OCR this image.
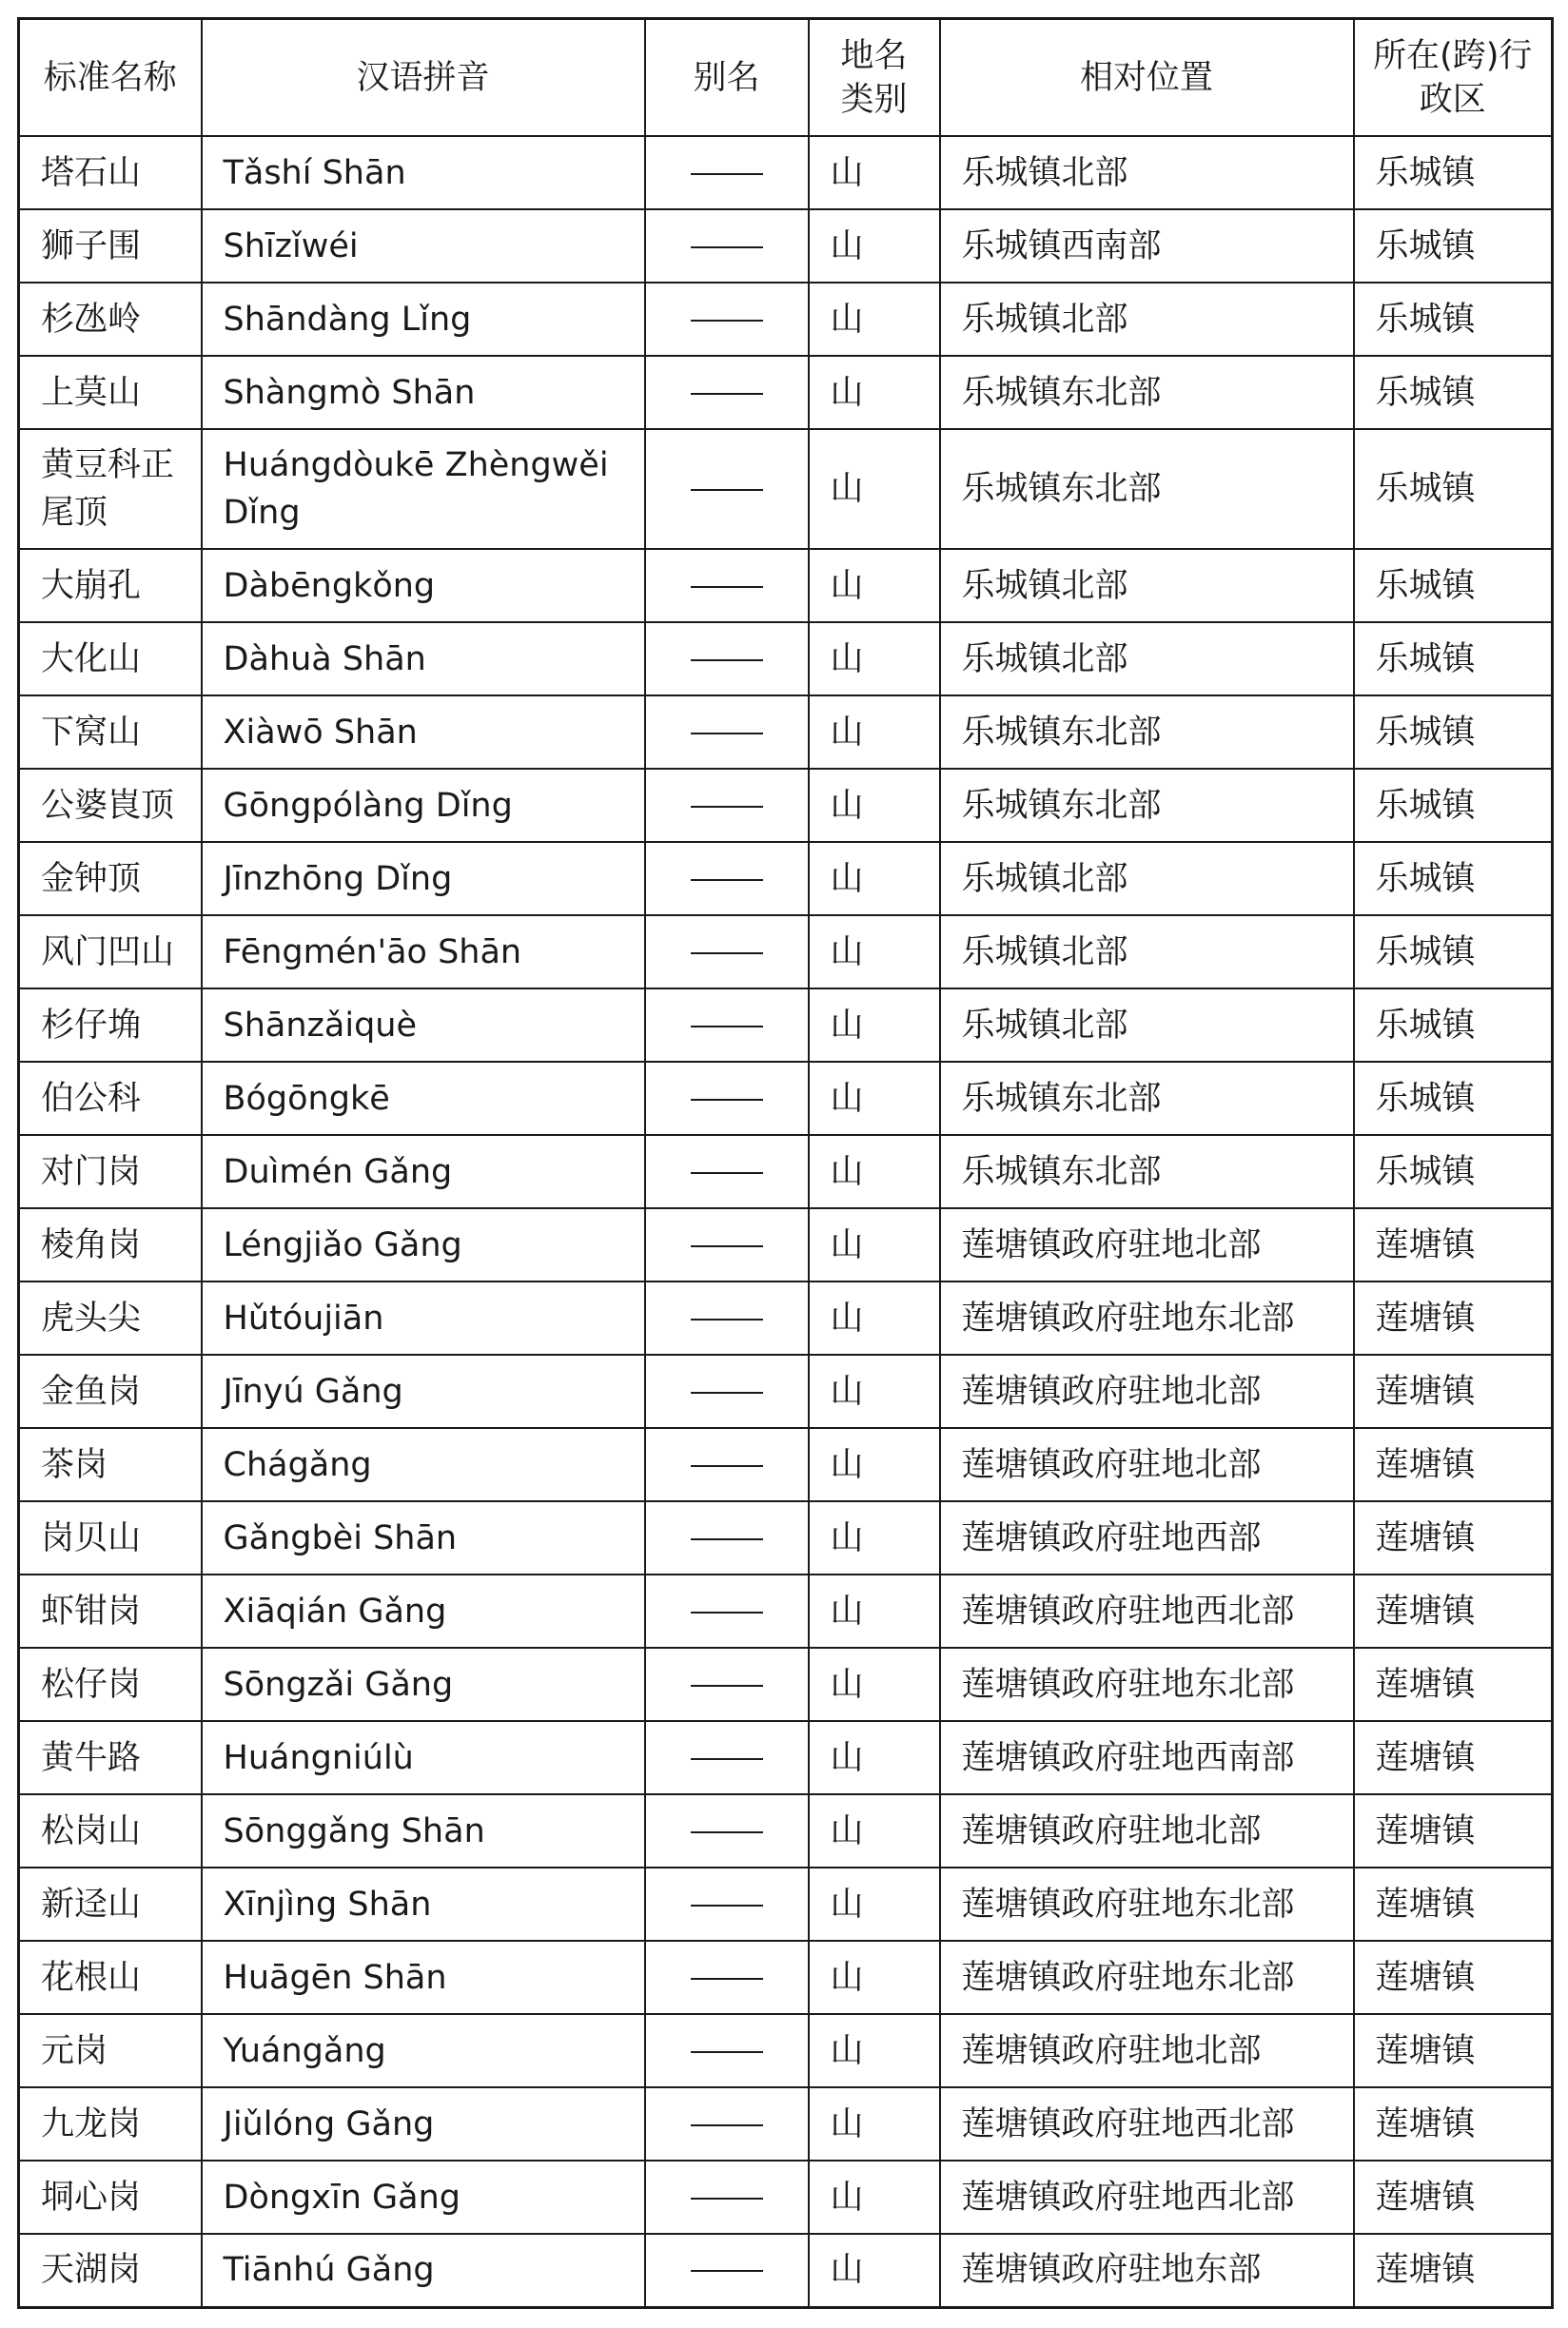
标准名称	汉语拼音	别名	地名类别	相对位置	所在(跨)行政区
塔石山	Tǎshí Shān		山	乐城镇北部	乐城镇
狮子围	Shīzǐwéi		山	乐城镇西南部	乐城镇
杉氹岭	Shāndàng Lǐng		山	乐城镇北部	乐城镇
上莫山	Shàngmò Shān		山	乐城镇东北部	乐城镇
黄豆科正尾顶	Huángdòukē Zhèngwěi Dǐng		山	乐城镇东北部	乐城镇
大崩孔	Dàbēngkǒng		山	乐城镇北部	乐城镇
大化山	Dàhuà Shān		山	乐城镇北部	乐城镇
下窝山	Xiàwō Shān		山	乐城镇东北部	乐城镇
公婆崀顶	Gōngpólàng Dǐng		山	乐城镇东北部	乐城镇
金钟顶	Jīnzhōng Dǐng		山	乐城镇北部	乐城镇
风门凹山	Fēngmén'āo Shān		山	乐城镇北部	乐城镇
杉仔埆	Shānzǎiquè		山	乐城镇北部	乐城镇
伯公科	Bógōngkē		山	乐城镇东北部	乐城镇
对门岗	Duìmén Gǎng		山	乐城镇东北部	乐城镇
棱角岗	Léngjiǎo Gǎng		山	莲塘镇政府驻地北部	莲塘镇
虎头尖	Hǔtóujiān		山	莲塘镇政府驻地东北部	莲塘镇
金鱼岗	Jīnyú Gǎng		山	莲塘镇政府驻地北部	莲塘镇
茶岗	Chágǎng		山	莲塘镇政府驻地北部	莲塘镇
岗贝山	Gǎngbèi Shān		山	莲塘镇政府驻地西部	莲塘镇
虾钳岗	Xiāqián Gǎng		山	莲塘镇政府驻地西北部	莲塘镇
松仔岗	Sōngzǎi Gǎng		山	莲塘镇政府驻地东北部	莲塘镇
黄牛路	Huángniúlù		山	莲塘镇政府驻地西南部	莲塘镇
松岗山	Sōnggǎng Shān		山	莲塘镇政府驻地北部	莲塘镇
新迳山	Xīnjìng Shān		山	莲塘镇政府驻地东北部	莲塘镇
花根山	Huāgēn Shān		山	莲塘镇政府驻地东北部	莲塘镇
元岗	Yuángǎng		山	莲塘镇政府驻地北部	莲塘镇
九龙岗	Jiǔlóng Gǎng		山	莲塘镇政府驻地西北部	莲塘镇
垌心岗	Dòngxīn Gǎng		山	莲塘镇政府驻地西北部	莲塘镇
天湖岗	Tiānhú Gǎng		山	莲塘镇政府驻地东部	莲塘镇
